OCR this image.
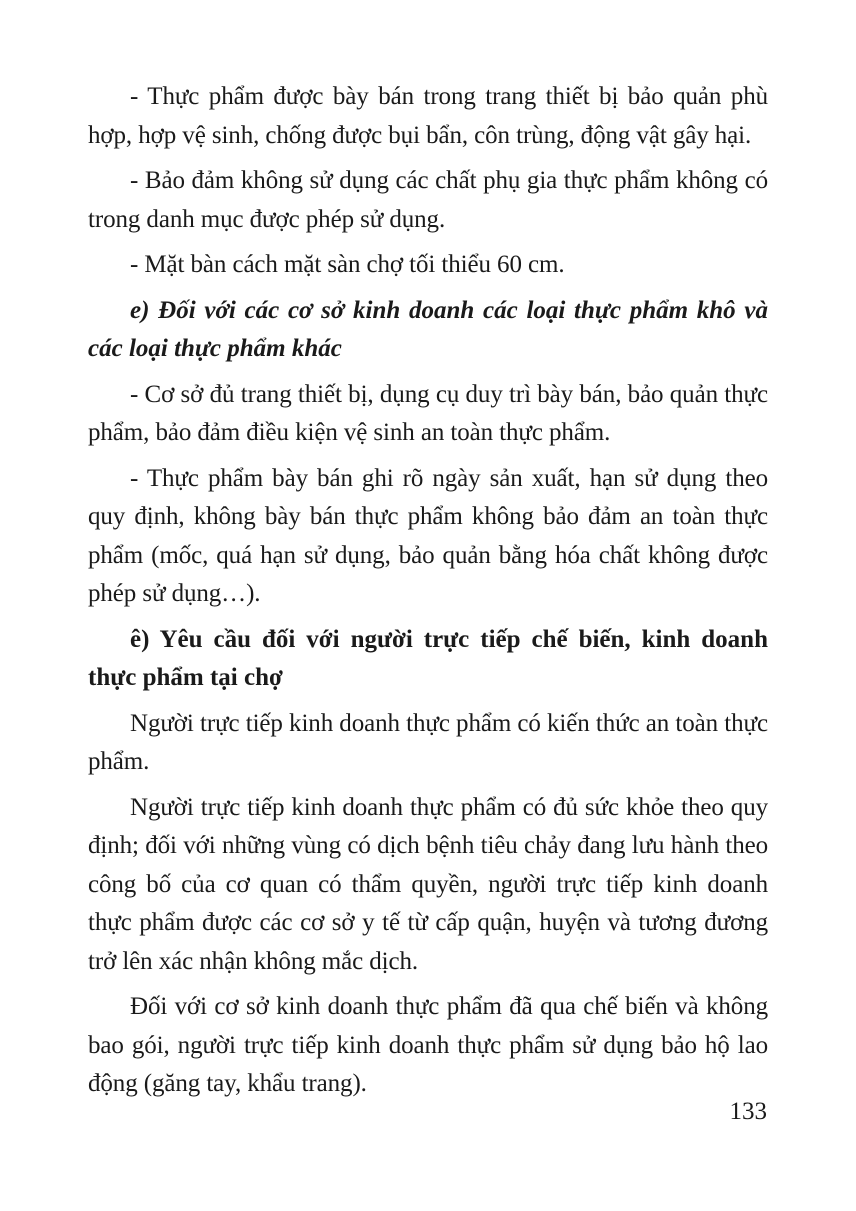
- Thực phẩm được bày bán trong trang thiết bị bảo quản phù hợp, hợp vệ sinh, chống được bụi bẩn, côn trùng, động vật gây hại.

- Bảo đảm không sử dụng các chất phụ gia thực phẩm không có trong danh mục được phép sử dụng.

- Mặt bàn cách mặt sàn chợ tối thiểu 60 cm.

e) Đối với các cơ sở kinh doanh các loại thực phẩm khô và các loại thực phẩm khác

- Cơ sở đủ trang thiết bị, dụng cụ duy trì bày bán, bảo quản thực phẩm, bảo đảm điều kiện vệ sinh an toàn thực phẩm.

- Thực phẩm bày bán ghi rõ ngày sản xuất, hạn sử dụng theo quy định, không bày bán thực phẩm không bảo đảm an toàn thực phẩm (mốc, quá hạn sử dụng, bảo quản bằng hóa chất không được phép sử dụng…).

ê) Yêu cầu đối với người trực tiếp chế biến, kinh doanh thực phẩm tại chợ

Người trực tiếp kinh doanh thực phẩm có kiến thức an toàn thực phẩm.

Người trực tiếp kinh doanh thực phẩm có đủ sức khỏe theo quy định; đối với những vùng có dịch bệnh tiêu chảy đang lưu hành theo công bố của cơ quan có thẩm quyền, người trực tiếp kinh doanh thực phẩm được các cơ sở y tế từ cấp quận, huyện và tương đương trở lên xác nhận không mắc dịch.

Đối với cơ sở kinh doanh thực phẩm đã qua chế biến và không bao gói, người trực tiếp kinh doanh thực phẩm sử dụng bảo hộ lao động (găng tay, khẩu trang).

133
